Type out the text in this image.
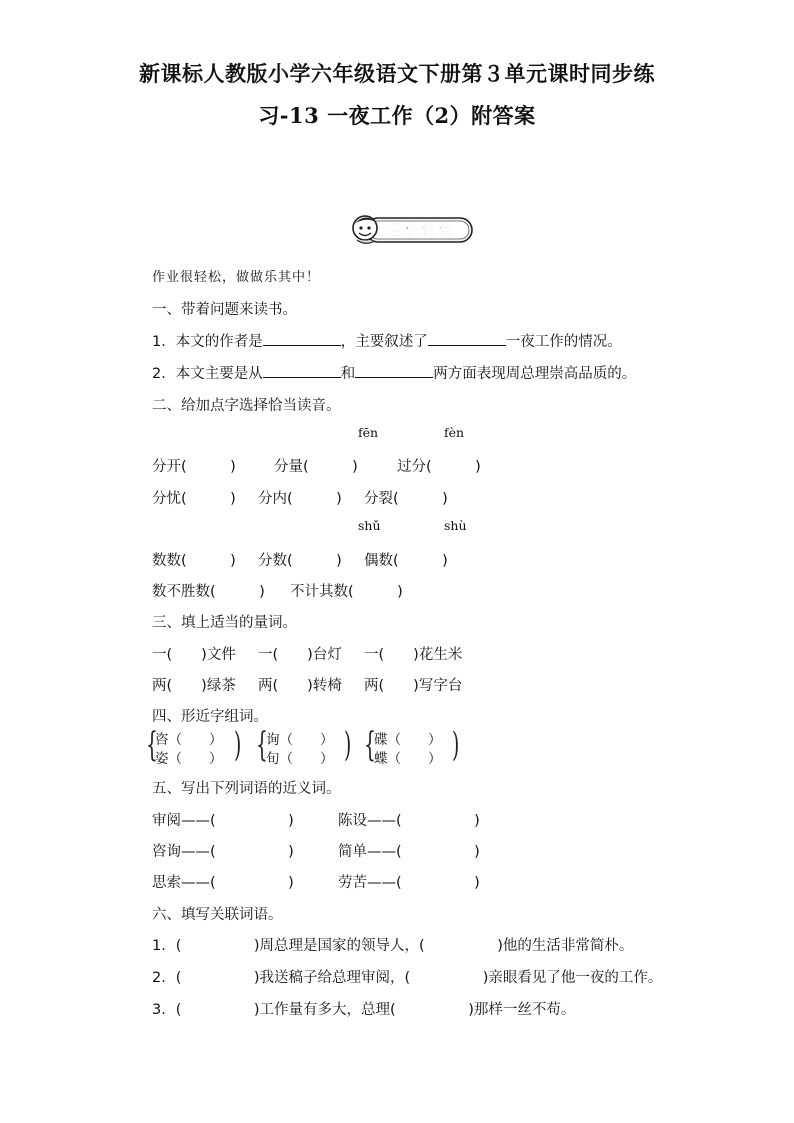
新课标人教版小学六年级语文下册第３单元课时同步练
习-13 一夜工作（2）附答案
轻松做做
作业很轻松，做做乐其中！
一、带着问题来读书。
1．本文的作者是	，主要叙述了	一夜工作的情况。
2．本文主要是从	和	两方面表现周总理崇高品质的。
二、给加点字选择恰当读音。
fēn	fèn
分开(　　　)	分量(　　　)	过分(　　　)
分忧(　　　) 分内(　　　) 分裂(　　　)
shǔ	shù
数数(　　　) 分数(　　　) 偶数(　　　)
数不胜数(　　　) 不计其数(　　　)
三、填上适当的量词。
一(　　)文件 一(　　)台灯 一(　　)花生米
两(　　)绿茶 两(　　)转椅 两(　　)写字台
四、形近字组词。
{
咨（　　）
姿（　　） ) {
询（　　）
旬（　　） ) {
碟（　　）
蝶（　　） )
五、写出下列词语的近义词。
审阅——(　　　　　)	陈设——(　　　　　)
咨询——(　　　　　)	简单——(　　　　　)
思索——(　　　　　)	劳苦——(　　　　　)
六、填写关联词语。
1．(　　　　　)周总理是国家的领导人，(　　　　　)他的生活非常简朴。
2．(　　　　　)我送稿子给总理审阅，(　　　　　)亲眼看见了他一夜的工作。
3．(　　　　　)工作量有多大，总理(　　　　　)那样一丝不苟。
